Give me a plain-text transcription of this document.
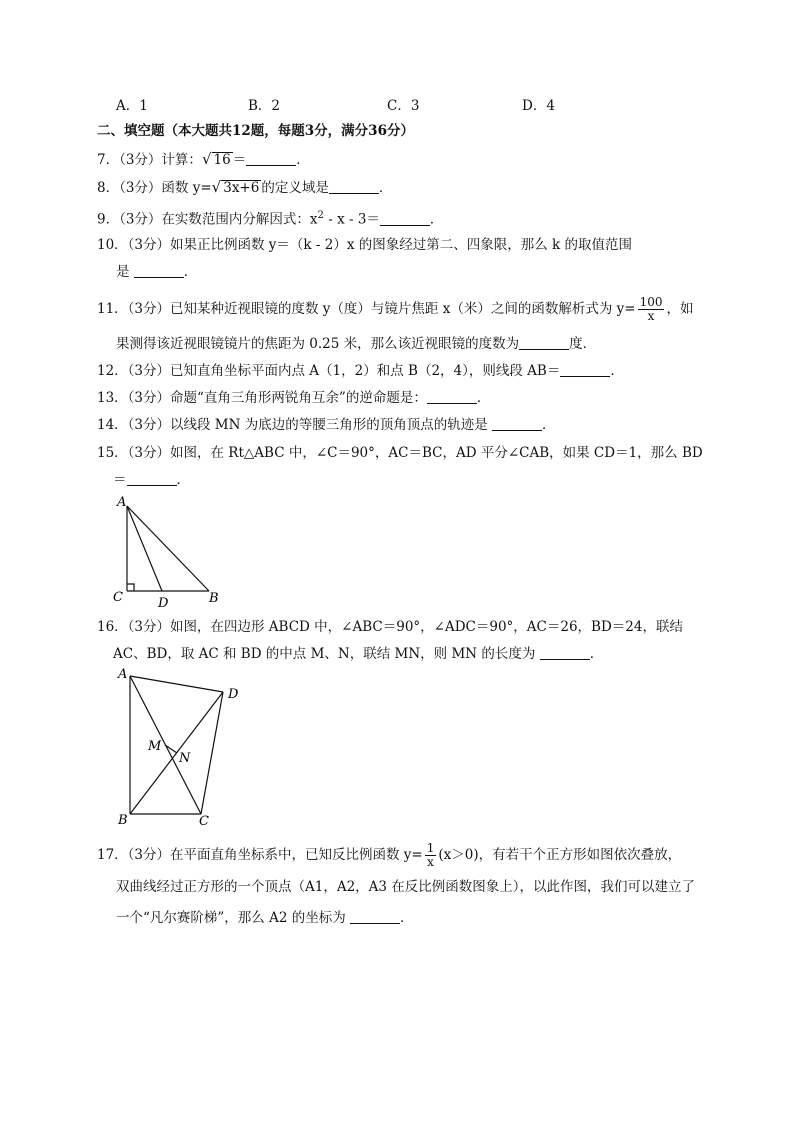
A．1	B．2	C．3	D．4
二、填空题（本大题共12题，每题3分，满分36分）
7．（3分）计算：√ 16 ＝	．
8．（3分）函数 y=√ 3x+6 的定义域是	．
9．（3分）在实数范围内分解因式：$x^2 - x - 3=$	．
10．（3分）如果正比例函数 y＝（k - 2）x 的图象经过第二、四象限，那么 k 的取值范围
是	．
11．（3分）已知某种近视眼镜的度数 y（度）与镜片焦距 x（米）之间的函数解析式为 $y= \frac{100}{x}$ ，如
果测得该近视眼镜镜片的焦距为 0.25 米，那么该近视眼镜的度数为	度．
12．（3分）已知直角坐标平面内点 A（1，2）和点 B（2，4），则线段 AB＝	．
13．（3分）命题“直角三角形两锐角互余”的逆命题是：	．
14．（3分）以线段 MN 为底边的等腰三角形的顶角顶点的轨迹是	．
15．（3分）如图，在 Rt△ABC 中，∠C＝90°，AC＝BC，AD 平分∠CAB，如果 CD＝1，那么 BD
＝	．
A
C	D	B
16．（3分）如图，在四边形 ABCD 中，∠ABC＝90°，∠ADC＝90°，AC＝26，BD＝24，联结
AC、BD，取 AC 和 BD 的中点 M、N，联结 MN，则 MN 的长度为	．
A
D
M
N
B	C
17．（3分）在平面直角坐标系中，已知反比例函数 $y= \frac{1}{x} (x>0)$，有若干个正方形如图依次叠放，
双曲线经过正方形的一个顶点（A1，A2，A3 在反比例函数图象上），以此作图，我们可以建立了
一个“凡尔赛阶梯”，那么 A2 的坐标为	．
